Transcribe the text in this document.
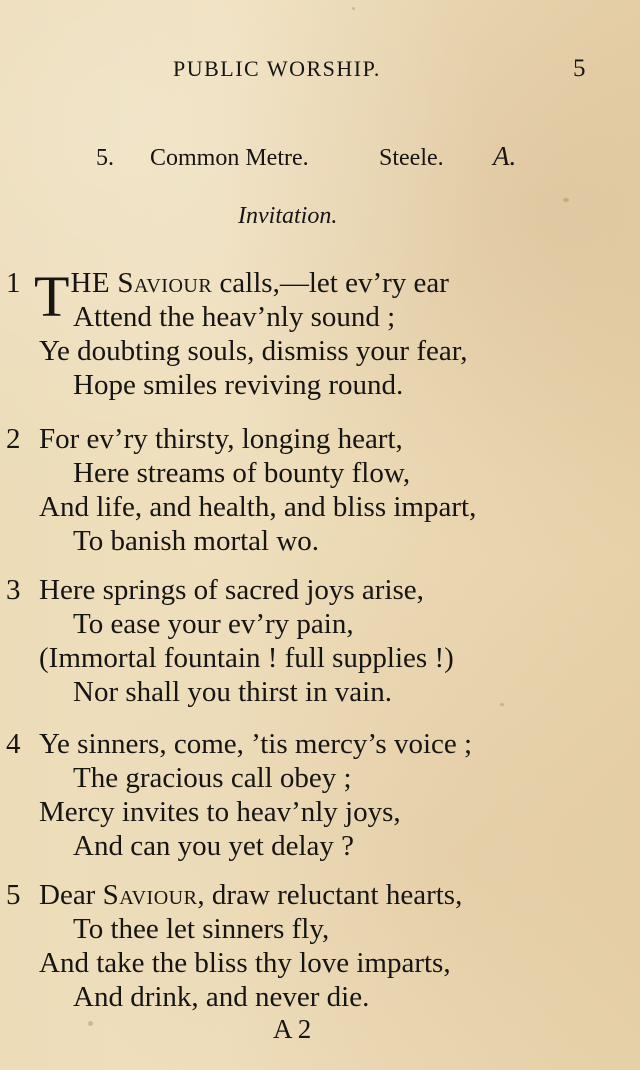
PUBLIC WORSHIP.	5
5. Common Metre.	Steele. A.
Invitation.
1 THE Saviour calls,—let ev’ry ear
Attend the heav’nly sound ;
Ye doubting souls, dismiss your fear,
Hope smiles reviving round.
2 For ev’ry thirsty, longing heart,
Here streams of bounty flow,
And life, and health, and bliss impart,
To banish mortal wo.
3 Here springs of sacred joys arise,
To ease your ev’ry pain,
(Immortal fountain ! full supplies !)
Nor shall you thirst in vain.
4 Ye sinners, come, ’tis mercy’s voice ;
The gracious call obey ;
Mercy invites to heav’nly joys,
And can you yet delay ?
5 Dear Saviour, draw reluctant hearts,
To thee let sinners fly,
And take the bliss thy love imparts,
And drink, and never die.
A 2
